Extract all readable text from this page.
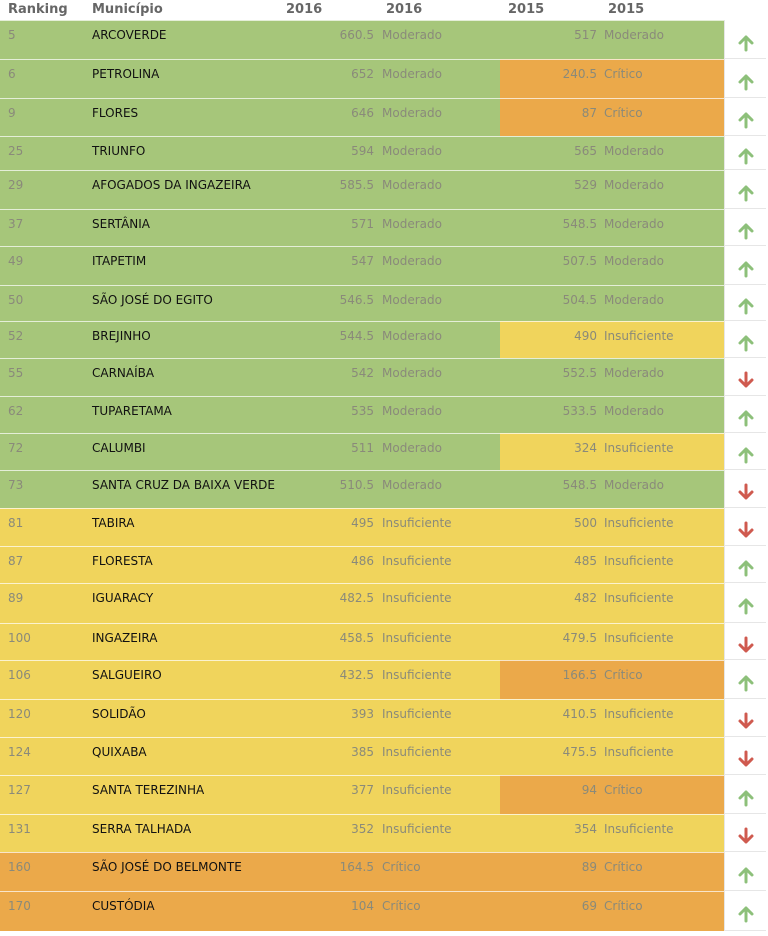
Ranking Município	2016	2016	2015	2015
5	ARCOVERDE	660.5 Moderado	517 Moderado
6	PETROLINA	652 Moderado	240.5 Crítico
9	FLORES	646 Moderado	87 Crítico
25	TRIUNFO	594 Moderado	565 Moderado
29	AFOGADOS DA INGAZEIRA	585.5 Moderado	529 Moderado
37	SERTÂNIA	571 Moderado	548.5 Moderado
49	ITAPETIM	547 Moderado	507.5 Moderado
50	SÃO JOSÉ DO EGITO	546.5 Moderado	504.5 Moderado
52	BREJINHO	544.5 Moderado	490 Insuficiente
55	CARNAÍBA	542 Moderado	552.5 Moderado
62	TUPARETAMA	535 Moderado	533.5 Moderado
72	CALUMBI	511 Moderado	324 Insuficiente
73	SANTA CRUZ DA BAIXA VERDE	510.5 Moderado	548.5 Moderado
81	TABIRA	495 Insuficiente	500 Insuficiente
87	FLORESTA	486 Insuficiente	485 Insuficiente
89	IGUARACY	482.5 Insuficiente	482 Insuficiente
100	INGAZEIRA	458.5 Insuficiente	479.5 Insuficiente
106	SALGUEIRO	432.5 Insuficiente	166.5 Crítico
120	SOLIDÃO	393 Insuficiente	410.5 Insuficiente
124	QUIXABA	385 Insuficiente	475.5 Insuficiente
127	SANTA TEREZINHA	377 Insuficiente	94 Crítico
131	SERRA TALHADA	352 Insuficiente	354 Insuficiente
160	SÃO JOSÉ DO BELMONTE	164.5 Crítico	89 Crítico
170	CUSTÓDIA	104 Crítico	69 Crítico
